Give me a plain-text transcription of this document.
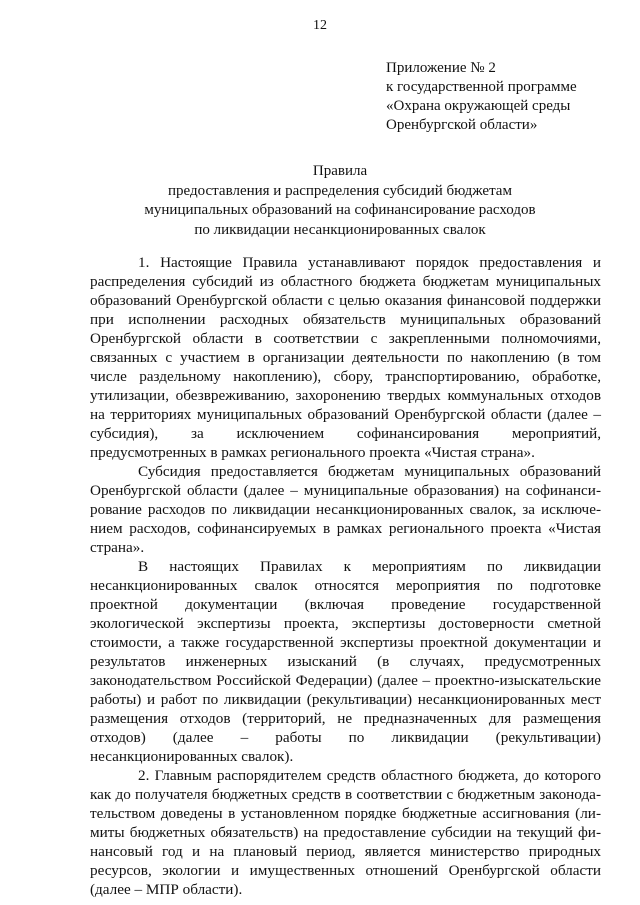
12
Приложение № 2
к государственной программе
«Охрана окружающей среды
Оренбургской области»
Правила
предоставления и распределения субсидий бюджетам
муниципальных образований на софинансирование расходов
по ликвидации несанкционированных свалок

1. Настоящие Правила устанавливают порядок предоставления и распределения субсидий из областного бюджета бюджетам муниципальных образований Оренбургской области с целью оказания финансовой поддержки при исполнении расходных обязательств муниципальных образований Оренбургской области в соответствии с закрепленными полномочиями, связанных с участием в организации деятельности по накоплению (в том числе раздельному накоплению), сбору, транспортированию, обработке, утилизации, обезвреживанию, захоронению твердых коммунальных отходов на территориях муниципальных образований Оренбургской области (далее – субсидия), за исключением софинансирования мероприятий, предусмотренных в рамках регионального проекта «Чистая страна».

Субсидия предоставляется бюджетам муниципальных образований Оренбургской области (далее – муниципальные образования) на софинансирование расходов по ликвидации несанкционированных свалок, за исключением расходов, софинансируемых в рамках регионального проекта «Чистая страна».

В настоящих Правилах к мероприятиям по ликвидации несанкционированных свалок относятся мероприятия по подготовке проектной документации (включая проведение государственной экологической экспертизы проекта, экспертизы достоверности сметной стоимости, а также государственной экспертизы проектной документации и результатов инженерных изысканий (в случаях, предусмотренных законодательством Российской Федерации) (далее – проектно-изыскательские работы) и работ по ликвидации (рекультивации) несанкционированных мест размещения отходов (территорий, не предназначенных для размещения отходов) (далее – работы по ликвидации (рекультивации) несанкционированных свалок).

2. Главным распорядителем средств областного бюджета, до которого как до получателя бюджетных средств в соответствии с бюджетным законодательством доведены в установленном порядке бюджетные ассигнования (лимиты бюджетных обязательств) на предоставление субсидии на текущий финансовый год и на плановый период, является министерство природных ресурсов, экологии и имущественных отношений Оренбургской области (далее – МПР области).
